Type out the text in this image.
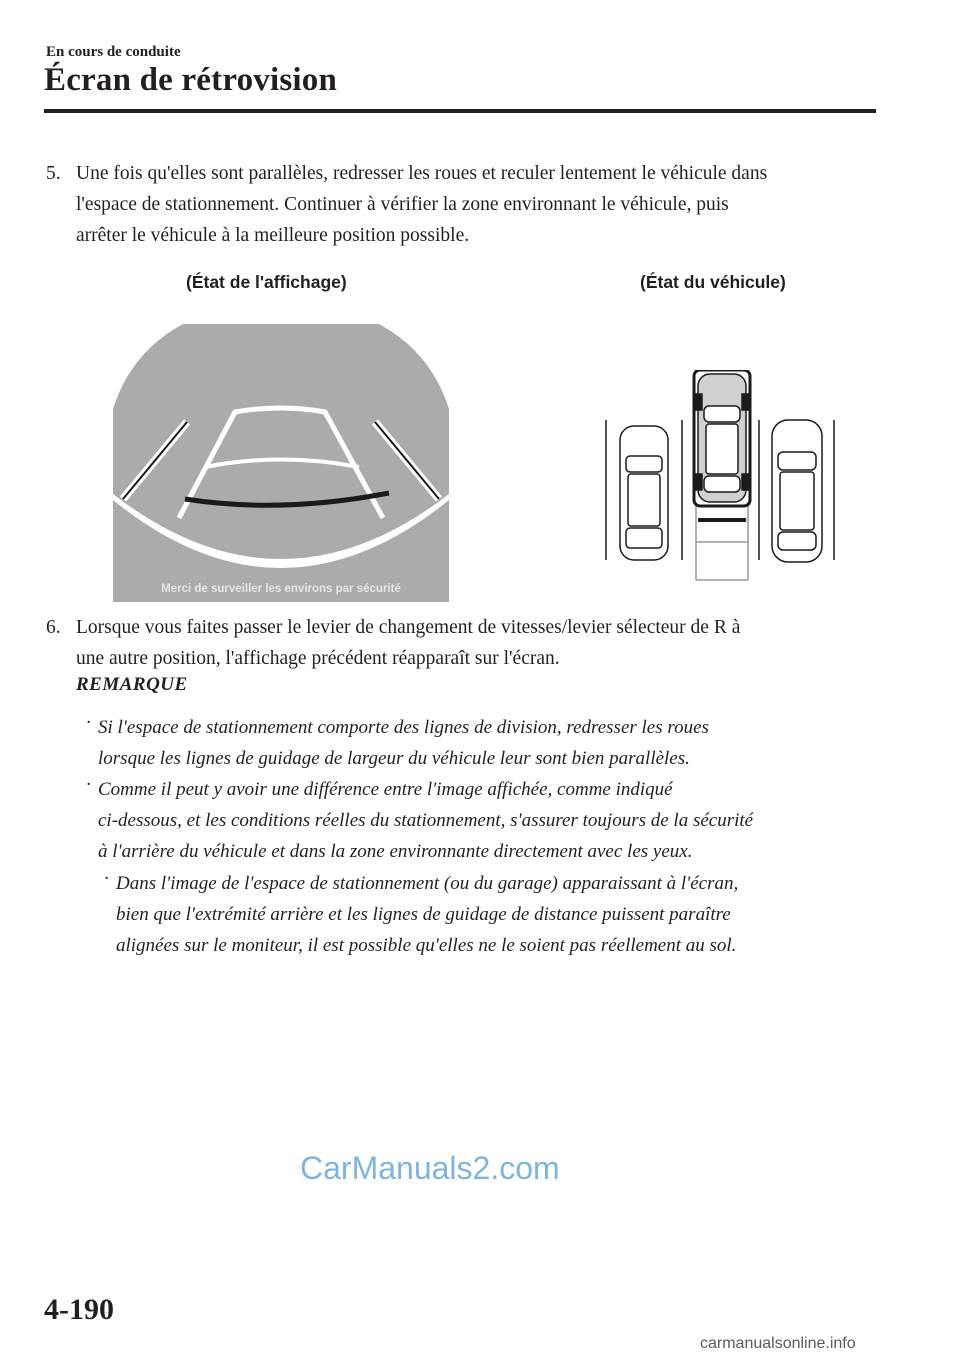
En cours de conduite
Écran de rétrovision
5. Une fois qu'elles sont parallèles, redresser les roues et reculer lentement le véhicule dans
l'espace de stationnement. Continuer à vérifier la zone environnant le véhicule, puis
arrêter le véhicule à la meilleure position possible.
(État de l'affichage)	(État du véhicule)
Merci de surveiller les environs par sécurité
6. Lorsque vous faites passer le levier de changement de vitesses/levier sélecteur de R à
une autre position, l'affichage précédent réapparaît sur l'écran.
REMARQUE
· Si l'espace de stationnement comporte des lignes de division, redresser les roues
lorsque les lignes de guidage de largeur du véhicule leur sont bien parallèles.
· Comme il peut y avoir une différence entre l'image affichée, comme indiqué
ci-dessous, et les conditions réelles du stationnement, s'assurer toujours de la sécurité
à l'arrière du véhicule et dans la zone environnante directement avec les yeux.
· Dans l'image de l'espace de stationnement (ou du garage) apparaissant à l'écran,
bien que l'extrémité arrière et les lignes de guidage de distance puissent paraître
alignées sur le moniteur, il est possible qu'elles ne le soient pas réellement au sol.
CarManuals2.com
4-190
carmanualsonline.info
